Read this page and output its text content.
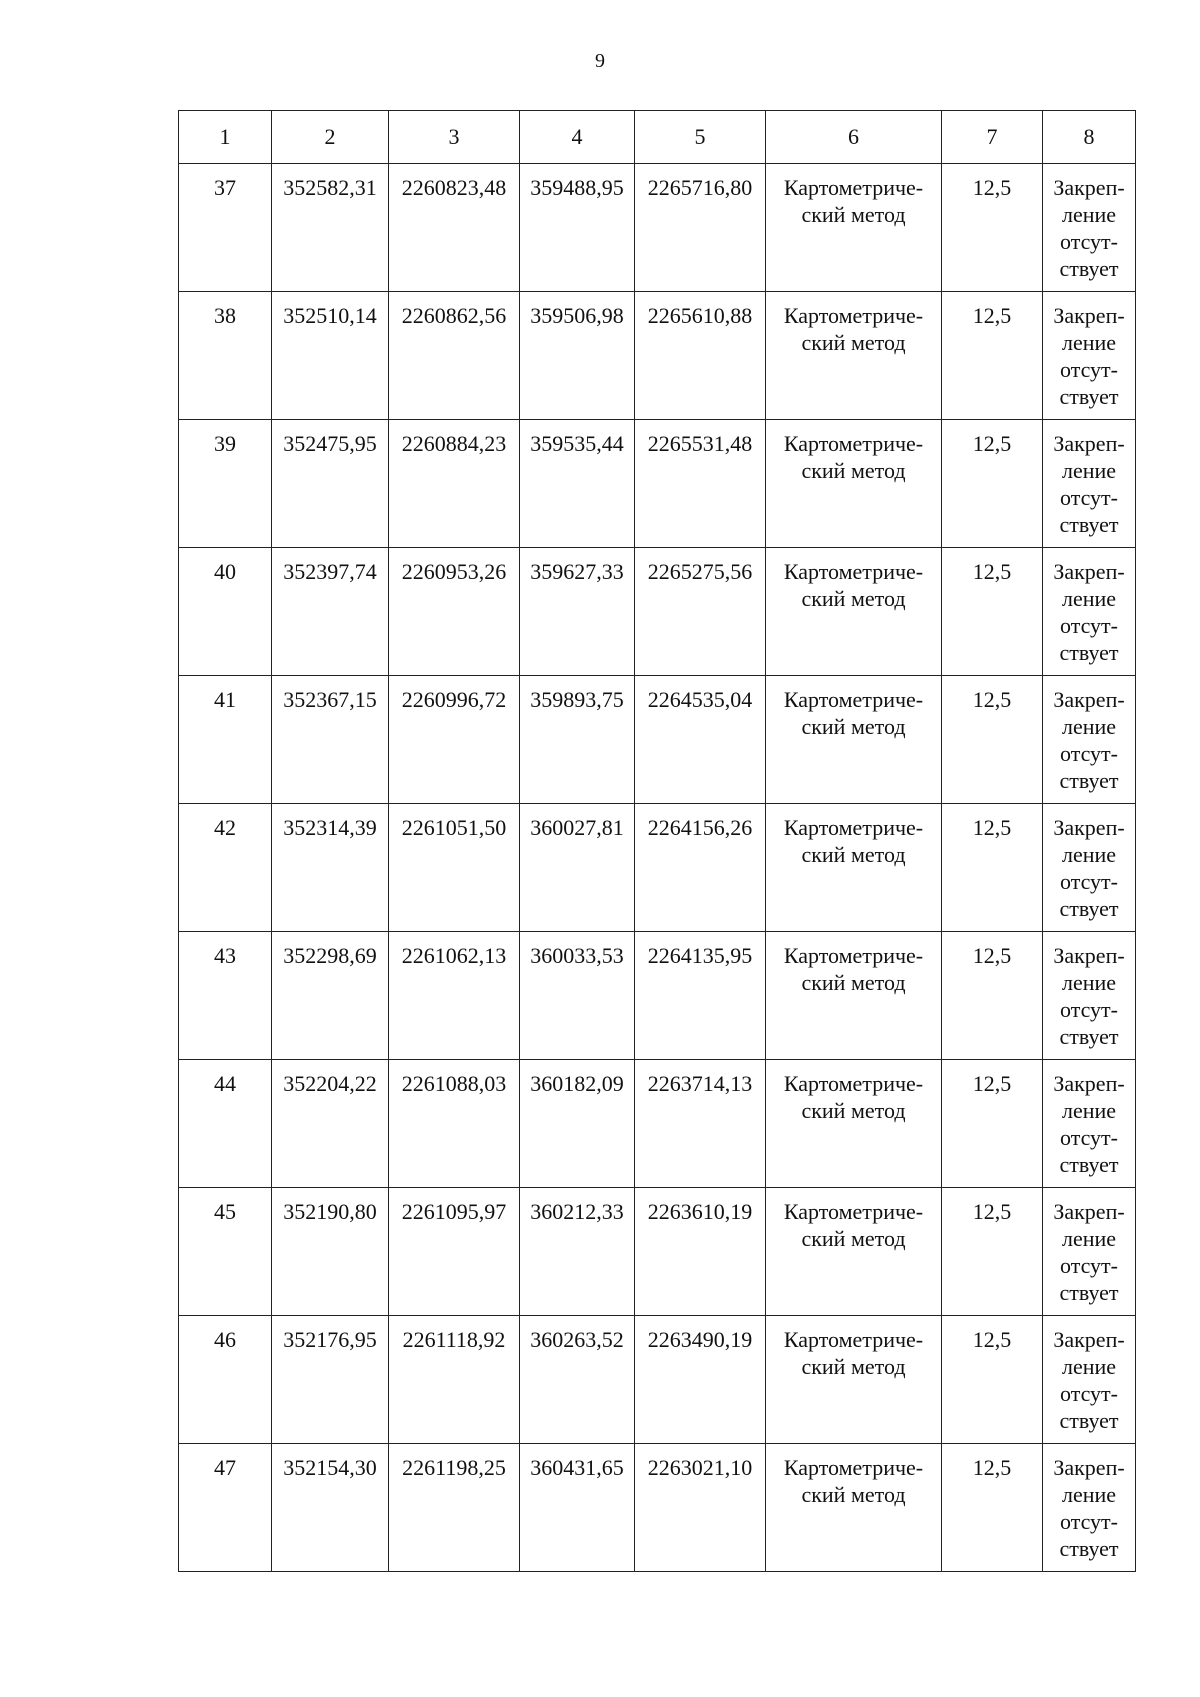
9
1	2	3	4	5	6	7	8
37	352582,31	2260823,48	359488,95	2265716,80	Картометриче-
ский метод	12,5	Закреп-
ление
отсут-
ствует

38	352510,14	2260862,56	359506,98	2265610,88	Картометриче-
ский метод	12,5	Закреп-
ление
отсут-
ствует

39	352475,95	2260884,23	359535,44	2265531,48	Картометриче-
ский метод	12,5	Закреп-
ление
отсут-
ствует

40	352397,74	2260953,26	359627,33	2265275,56	Картометриче-
ский метод	12,5	Закреп-
ление
отсут-
ствует

41	352367,15	2260996,72	359893,75	2264535,04	Картометриче-
ский метод	12,5	Закреп-
ление
отсут-
ствует

42	352314,39	2261051,50	360027,81	2264156,26	Картометриче-
ский метод	12,5	Закреп-
ление
отсут-
ствует

43	352298,69	2261062,13	360033,53	2264135,95	Картометриче-
ский метод	12,5	Закреп-
ление
отсут-
ствует

44	352204,22	2261088,03	360182,09	2263714,13	Картометриче-
ский метод	12,5	Закреп-
ление
отсут-
ствует

45	352190,80	2261095,97	360212,33	2263610,19	Картометриче-
ский метод	12,5	Закреп-
ление
отсут-
ствует

46	352176,95	2261118,92	360263,52	2263490,19	Картометриче-
ский метод	12,5	Закреп-
ление
отсут-
ствует

47	352154,30	2261198,25	360431,65	2263021,10	Картометриче-
ский метод	12,5	Закреп-
ление
отсут-
ствует
